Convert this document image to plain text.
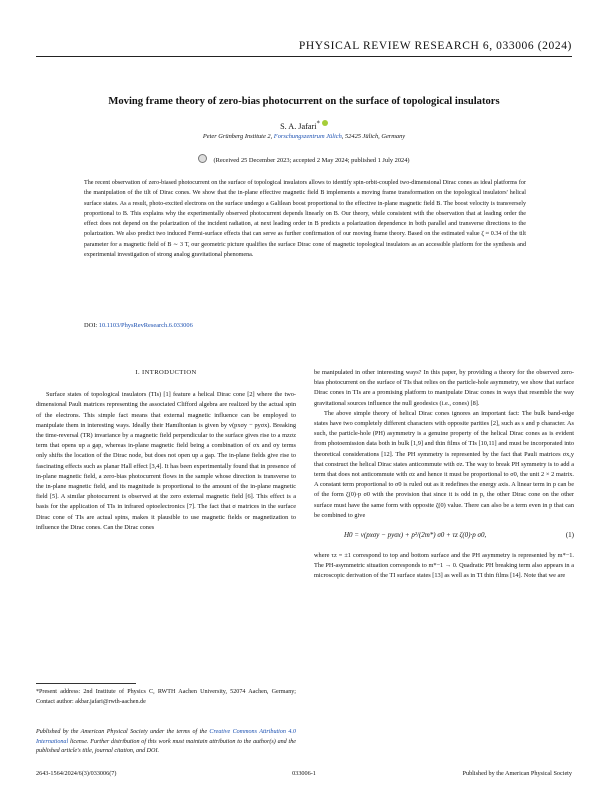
PHYSICAL REVIEW RESEARCH 6, 033006 (2024)
Moving frame theory of zero-bias photocurrent on the surface of topological insulators
S. A. Jafari*
Peter Grünberg Institute 2, Forschungszentrum Jülich, 52425 Jülich, Germany
(Received 25 December 2023; accepted 2 May 2024; published 1 July 2024)

The recent observation of zero-biased photocurrent on the surface of topological insulators allows to identify spin-orbit-coupled two-dimensional Dirac cones as ideal platforms for the manipulation of the tilt of Dirac cones. We show that the in-plane effective magnetic field B implements a moving frame transformation on the topological insulators' helical surface states. As a result, photo-excited electrons on the surface undergo a Galilean boost proportional to the effective in-plane magnetic field B. The boost velocity is transversely proportional to B. This explains why the experimentally observed photocurrent depends linearly on B. Our theory, while consistent with the observation that at leading order the effect does not depend on the polarization of the incident radiation, at next leading order in B predicts a polarization dependence in both parallel and transverse directions to the polarization. We also predict two induced Fermi-surface effects that can serve as further confirmation of our moving frame theory. Based on the estimated value ζ ≈ 0.34 of the tilt parameter for a magnetic field of B ∼ 3 T, our geometric picture qualifies the surface Dirac cone of magnetic topological insulators as an accessible platform for the synthesis and experimental investigation of strong analog gravitational phenomena.

DOI: 10.1103/PhysRevResearch.6.033006

I. INTRODUCTION

Surface states of topological insulators (TIs) [1] feature a helical Dirac cone [2] where the two-dimensional Pauli matrices representing the associated Clifford algebra are realized by the actual spin of the electrons. This simple fact means that external magnetic influence can be employed to manipulate them in interesting ways. Ideally their Hamiltonian is given by v(pxσy − pyσx). Breaking the time-reversal (TR) invariance by a magnetic field perpendicular to the surface gives rise to a mzσz term that opens up a gap, whereas in-plane magnetic field being a combination of σx and σy terms only shifts the location of the Dirac node, but does not open up a gap. The in-plane fields give rise to fascinating effects such as planar Hall effect [3,4]. It has been experimentally found that in presence of in-plane magnetic field, a zero-bias photocurrent flows in the sample whose direction is transverse to the in-plane magnetic field, and its magnitude is proportional to the amount of the in-plane magnetic field [5]. A similar photocurrent is observed at the zero external magnetic field [6]. This effect is a basis for the application of TIs in infrared optoelectronics [7]. The fact that σ matrices in the surface Dirac cone of TIs are actual spins, makes it plausible to use magnetic fields or magnetization to influence the Dirac cones. Can the Dirac cones

be manipulated in other interesting ways? In this paper, by providing a theory for the observed zero-bias photocurrent on the surface of TIs that relies on the particle-hole asymmetry, we show that surface Dirac cones in TIs are a promising platform to manipulate Dirac cones in ways that resemble the way gravitational sources influence the null geodesics (i.e., cones) [8].

The above simple theory of helical Dirac cones ignores an important fact: The bulk band-edge states have two completely different characters with opposite parities [2], such as s and p character. As such, the particle-hole (PH) asymmetry is a genuine property of the helical Dirac cones as is evident from photoemission data both in bulk [1,9] and thin films of TIs [10,11] and must be incorporated into theoretical considerations [12]. The PH symmetry is represented by the fact that Pauli matrices σx,y that construct the helical Dirac states anticommute with σz. The way to break PH symmetry is to add a term that does not anticommute with σz and hence it must be proportional to σ0, the unit 2 × 2 matrix. A constant term proportional to σ0 is ruled out as it redefines the energy axis. A linear term in p can be of the form ζ(0)·p σ0 with the provision that since it is odd in p, the other Dirac cone on the other surface must have the same form with opposite ζ(0) value. There can also be a term even in p that can be combined to give

H0 = v(pxσy − pyσx) + p²/(2m*) σ0 + τz ζ(0)·p σ0,	(1)

where τz = ±1 correspond to top and bottom surface and the PH asymmetry is represented by m*−1. The PH-asymmetric situation corresponds to m*−1 → 0. Quadratic PH breaking term also appears in a microscopic derivation of the TI surface states [13] as well as in TI thin films [14]. Note that we are

*Present address: 2nd Institute of Physics C, RWTH Aachen University, 52074 Aachen, Germany; Contact author: akbar.jafari@rwth-aachen.de

Published by the American Physical Society under the terms of the Creative Commons Attribution 4.0 International license. Further distribution of this work must maintain attribution to the author(s) and the published article's title, journal citation, and DOI.
2643-1564/2024/6(3)/033006(7)	033006-1	Published by the American Physical Society
